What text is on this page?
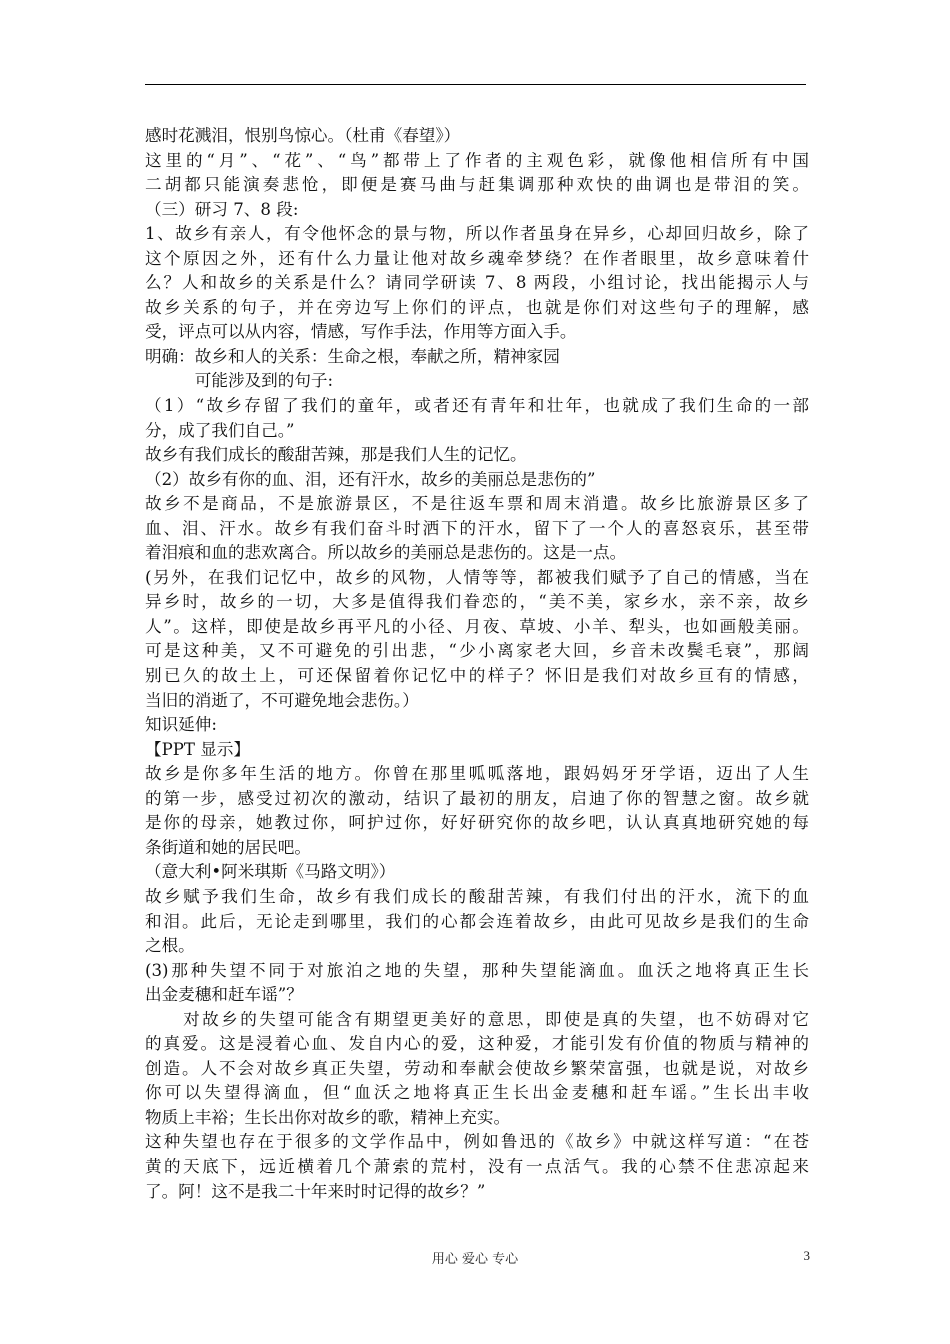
感时花溅泪，恨别鸟惊心。（杜甫《春望》）
这里的“月”、“花”、“鸟”都带上了作者的主观色彩，就像他相信所有中国
二胡都只能演奏悲怆，即便是赛马曲与赶集调那种欢快的曲调也是带泪的笑。
（三）研习 7、8 段:
1、故乡有亲人，有令他怀念的景与物，所以作者虽身在异乡，心却回归故乡，除了
这个原因之外，还有什么力量让他对故乡魂牵梦绕？在作者眼里，故乡意味着什
么？人和故乡的关系是什么？请同学研读 7、8 两段，小组讨论，找出能揭示人与
故乡关系的句子，并在旁边写上你们的评点，也就是你们对这些句子的理解，感
受，评点可以从内容，情感，写作手法，作用等方面入手。
明确：故乡和人的关系：生命之根，奉献之所，精神家园
　　　可能涉及到的句子:
（1）“故乡存留了我们的童年，或者还有青年和壮年，也就成了我们生命的一部
分，成了我们自己。”
故乡有我们成长的酸甜苦辣，那是我们人生的记忆。
（2）故乡有你的血、泪，还有汗水，故乡的美丽总是悲伤的”
故乡不是商品，不是旅游景区，不是往返车票和周末消遣。故乡比旅游景区多了
血、泪、汗水。故乡有我们奋斗时洒下的汗水，留下了一个人的喜怒哀乐，甚至带
着泪痕和血的悲欢离合。所以故乡的美丽总是悲伤的。这是一点。
(另外，在我们记忆中，故乡的风物，人情等等，都被我们赋予了自己的情感，当在
异乡时，故乡的一切，大多是值得我们眷恋的，“美不美，家乡水，亲不亲，故乡
人”。这样，即使是故乡再平凡的小径、月夜、草坡、小羊、犁头，也如画般美丽。
可是这种美，又不可避免的引出悲，“少小离家老大回，乡音未改鬓毛衰”，那阔
别已久的故土上，可还保留着你记忆中的样子？怀旧是我们对故乡亘有的情感，
当旧的消逝了，不可避免地会悲伤。）
知识延伸:
【PPT 显示】
故乡是你多年生活的地方。你曾在那里呱呱落地，跟妈妈牙牙学语，迈出了人生
的第一步，感受过初次的激动，结识了最初的朋友，启迪了你的智慧之窗。故乡就
是你的母亲，她教过你，呵护过你，好好研究你的故乡吧，认认真真地研究她的每
条街道和她的居民吧。
（意大利•阿米琪斯《马路文明》）
故乡赋予我们生命，故乡有我们成长的酸甜苦辣，有我们付出的汗水，流下的血
和泪。此后，无论走到哪里，我们的心都会连着故乡，由此可见故乡是我们的生命
之根。
(3)那种失望不同于对旅泊之地的失望，那种失望能滴血。血沃之地将真正生长
出金麦穗和赶车谣”？
　　对故乡的失望可能含有期望更美好的意思，即使是真的失望，也不妨碍对它
的真爱。这是浸着心血、发自内心的爱，这种爱，才能引发有价值的物质与精神的
创造。人不会对故乡真正失望，劳动和奉献会使故乡繁荣富强，也就是说，对故乡
你可以失望得滴血，但“血沃之地将真正生长出金麦穗和赶车谣。”生长出丰收
物质上丰裕；生长出你对故乡的歌，精神上充实。
这种失望也存在于很多的文学作品中，例如鲁迅的《故乡》中就这样写道：“在苍
黄的天底下，远近横着几个萧索的荒村，没有一点活气。我的心禁不住悲凉起来
了。阿！这不是我二十年来时时记得的故乡？”
用心 爱心 专心	3
